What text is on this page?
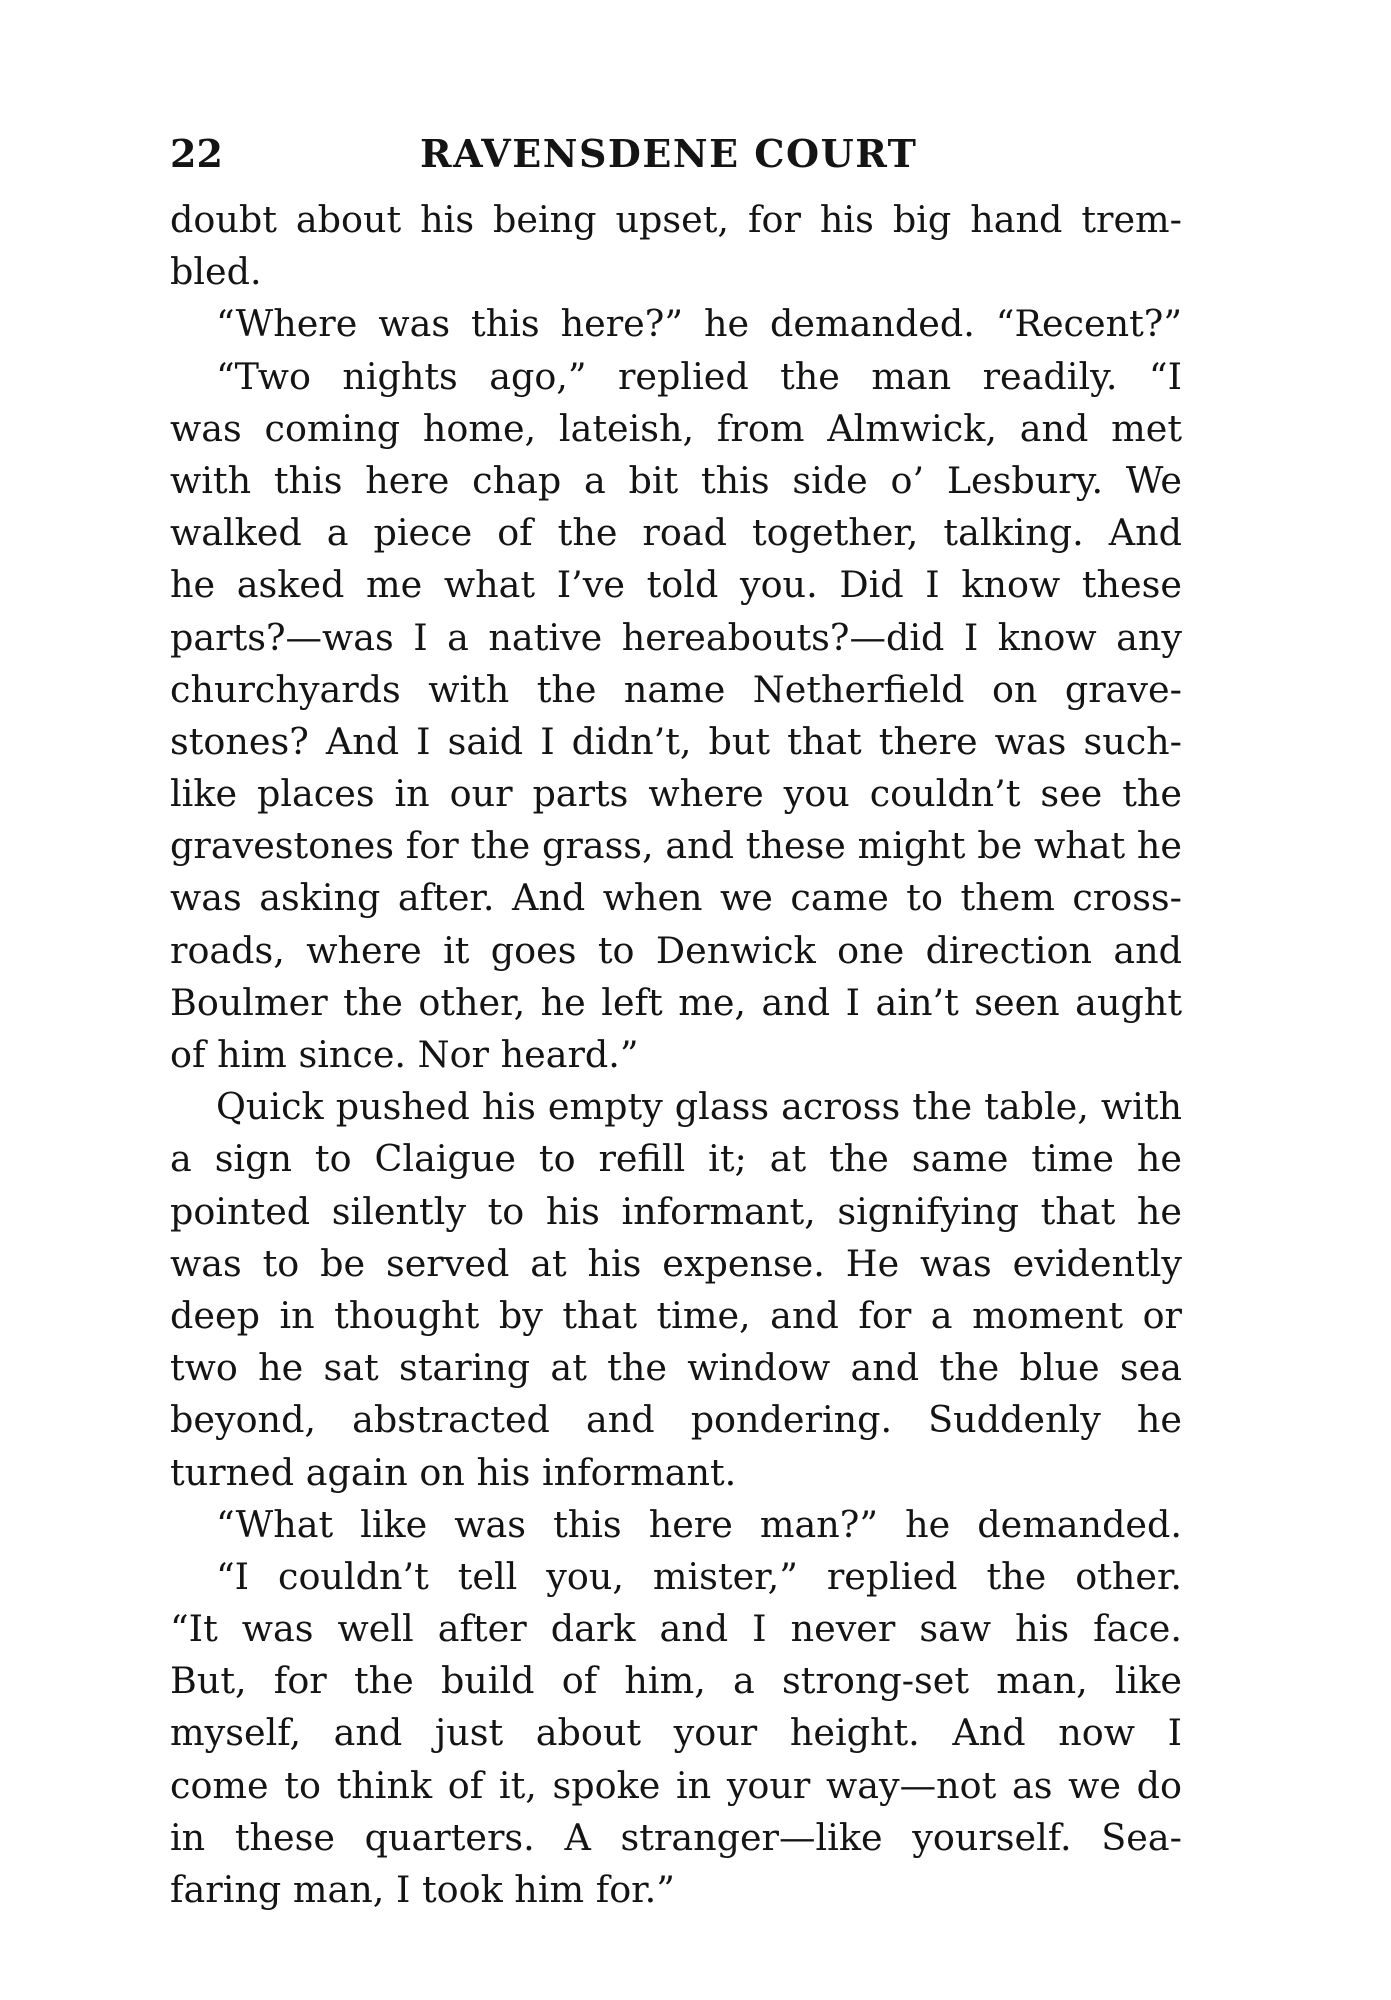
22	RAVENSDENE COURT
doubt about his being upset, for his big hand trem-
bled.
“Where was this here?” he demanded. “Recent?”
“Two nights ago,” replied the man readily. “I
was coming home, lateish, from Almwick, and met
with this here chap a bit this side o’ Lesbury. We
walked a piece of the road together, talking. And
he asked me what I’ve told you. Did I know these
parts?—was I a native hereabouts?—did I know any
churchyards with the name Netherfield on grave-
stones? And I said I didn’t, but that there was such-
like places in our parts where you couldn’t see the
gravestones for the grass, and these might be what he
was asking after. And when we came to them cross-
roads, where it goes to Denwick one direction and
Boulmer the other, he left me, and I ain’t seen aught
of him since. Nor heard.”
Quick pushed his empty glass across the table, with
a sign to Claigue to refill it; at the same time he
pointed silently to his informant, signifying that he
was to be served at his expense. He was evidently
deep in thought by that time, and for a moment or
two he sat staring at the window and the blue sea
beyond, abstracted and pondering. Suddenly he
turned again on his informant.
“What like was this here man?” he demanded.
“I couldn’t tell you, mister,” replied the other.
“It was well after dark and I never saw his face.
But, for the build of him, a strong-set man, like
myself, and just about your height. And now I
come to think of it, spoke in your way—not as we do
in these quarters. A stranger—like yourself. Sea-
faring man, I took him for.”
